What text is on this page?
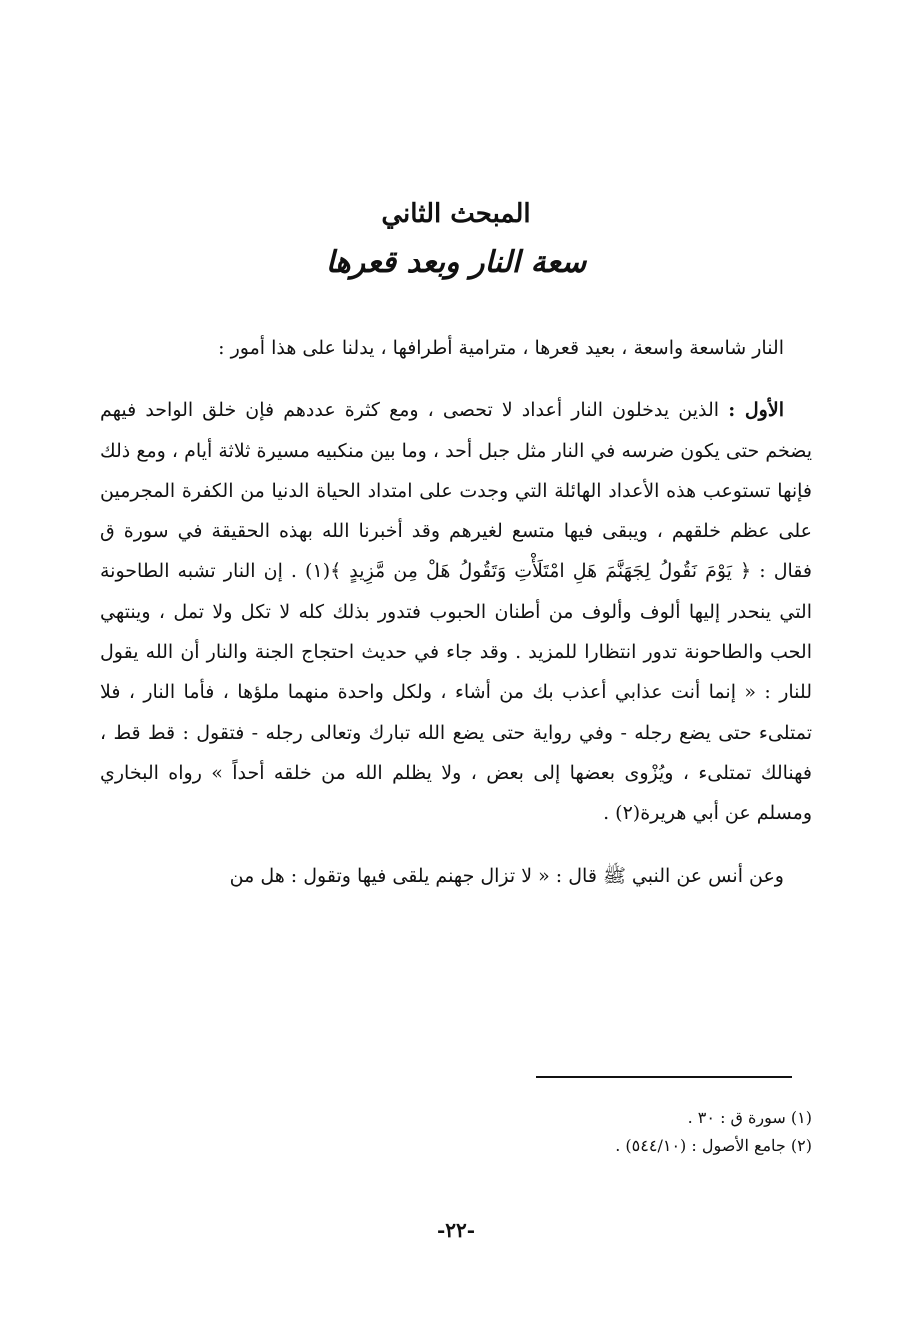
المبحث الثاني
سعة النار وبعد قعرها

النار شاسعة واسعة ، بعيد قعرها ، مترامية أطرافها ، يدلنا على هذا أمور :

الأول : الذين يدخلون النار أعداد لا تحصى ، ومع كثرة عددهم فإن خلق الواحد فيهم يضخم حتى يكون ضرسه في النار مثل جبل أحد ، وما بين منكبيه مسيرة ثلاثة أيام ، ومع ذلك فإنها تستوعب هذه الأعداد الهائلة التي وجدت على امتداد الحياة الدنيا من الكفرة المجرمين على عظم خلقهم ، ويبقى فيها متسع لغيرهم وقد أخبرنا الله بهذه الحقيقة في سورة ق فقال : ﴿ يَوْمَ نَقُولُ لِجَهَنَّمَ هَلِ امْتَلَأْتِ وَتَقُولُ هَلْ مِن مَّزِيدٍ ﴾(١) . إن النار تشبه الطاحونة التي ينحدر إليها ألوف وألوف من أطنان الحبوب فتدور بذلك كله لا تكل ولا تمل ، وينتهي الحب والطاحونة تدور انتظارا للمزيد . وقد جاء في حديث احتجاج الجنة والنار أن الله يقول للنار : « إنما أنت عذابي أعذب بك من أشاء ، ولكل واحدة منهما ملؤها ، فأما النار ، فلا تمتلىء حتى يضع رجله - وفي رواية حتى يضع الله تبارك وتعالى رجله - فتقول : قط قط ، فهنالك تمتلىء ، ويُزْوى بعضها إلى بعض ، ولا يظلم الله من خلقه أحداً » رواه البخاري ومسلم عن أبي هريرة(٢) .

وعن أنس عن النبي ﷺ قال : « لا تزال جهنم يلقى فيها وتقول : هل من

(١) سورة ق : ٣٠ .
(٢) جامع الأصول : (٥٤٤/١٠) .
-٢٢-
